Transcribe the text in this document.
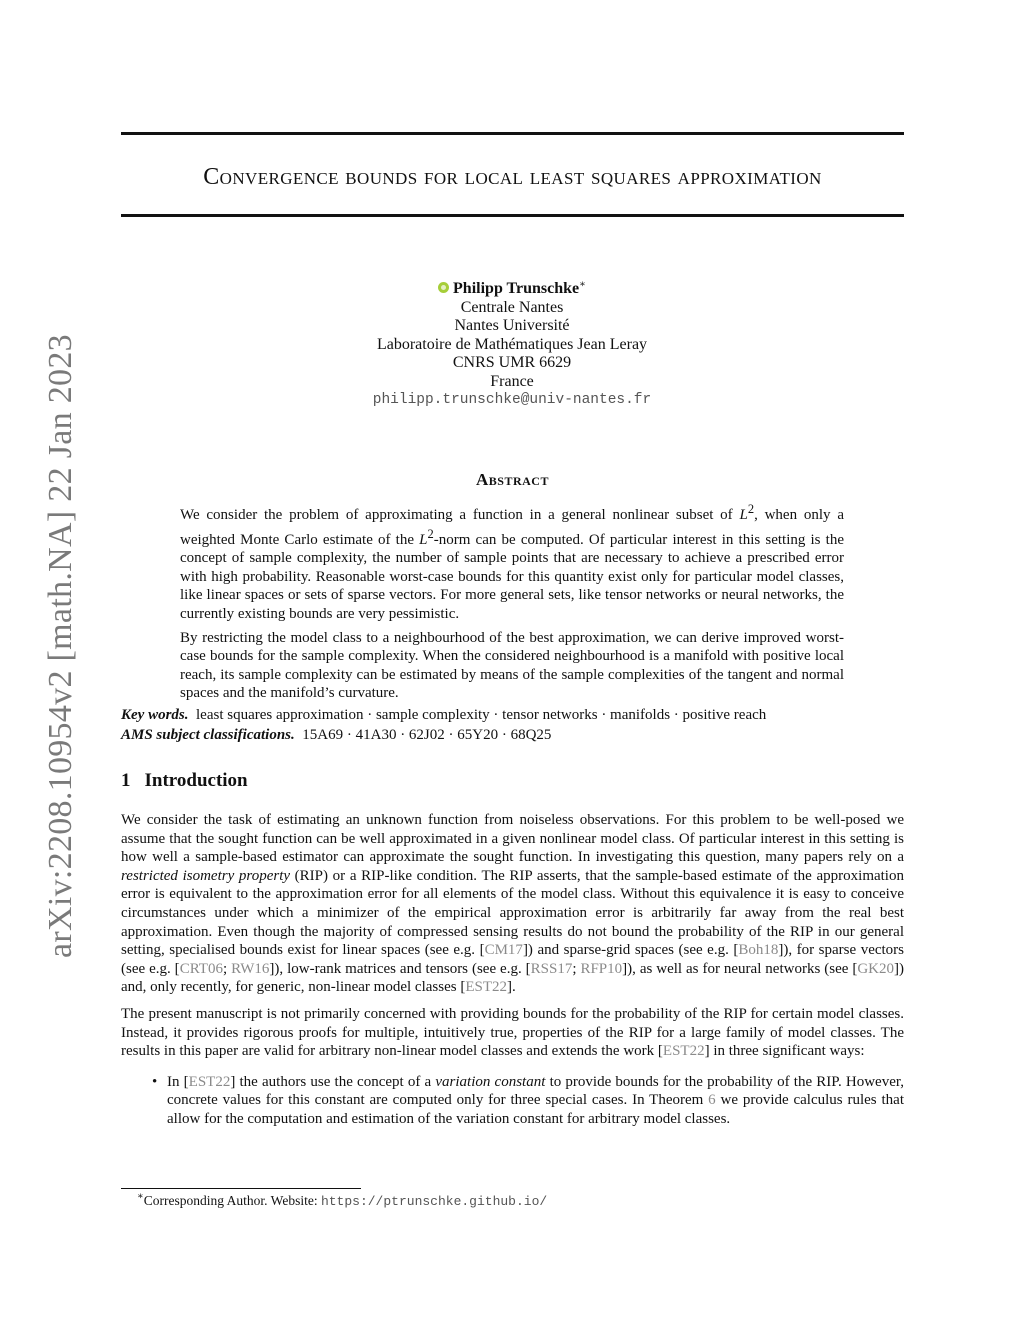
arXiv:2208.10954v2 [math.NA] 22 Jan 2023
Convergence bounds for local least squares approximation
Philipp Trunschke∗
Centrale Nantes
Nantes Université
Laboratoire de Mathématiques Jean Leray
CNRS UMR 6629
France
philipp.trunschke@univ-nantes.fr
Abstract

We consider the problem of approximating a function in a general nonlinear subset of $L^2$, when only a weighted Monte Carlo estimate of the $L^2$-norm can be computed. Of particular interest in this setting is the concept of sample complexity, the number of sample points that are necessary to achieve a prescribed error with high probability. Reasonable worst-case bounds for this quantity exist only for particular model classes, like linear spaces or sets of sparse vectors. For more general sets, like tensor networks or neural networks, the currently existing bounds are very pessimistic.

By restricting the model class to a neighbourhood of the best approximation, we can derive improved worst-case bounds for the sample complexity. When the considered neighbourhood is a manifold with positive local reach, its sample complexity can be estimated by means of the sample complexities of the tangent and normal spaces and the manifold’s curvature.

Key words. least squares approximation · sample complexity · tensor networks · manifolds · positive reach
AMS subject classifications. 15A69 · 41A30 · 62J02 · 65Y20 · 68Q25
1 Introduction

We consider the task of estimating an unknown function from noiseless observations. For this problem to be well-posed we assume that the sought function can be well approximated in a given nonlinear model class. Of particular interest in this setting is how well a sample-based estimator can approximate the sought function. In investigating this question, many papers rely on a restricted isometry property (RIP) or a RIP-like condition. The RIP asserts, that the sample-based estimate of the approximation error is equivalent to the approximation error for all elements of the model class. Without this equivalence it is easy to conceive circumstances under which a minimizer of the empirical approximation error is arbitrarily far away from the real best approximation. Even though the majority of compressed sensing results do not bound the probability of the RIP in our general setting, specialised bounds exist for linear spaces (see e.g. [CM17]) and sparse-grid spaces (see e.g. [Boh18]), for sparse vectors (see e.g. [CRT06; RW16]), low-rank matrices and tensors (see e.g. [RSS17; RFP10]), as well as for neural networks (see [GK20]) and, only recently, for generic, non-linear model classes [EST22].

The present manuscript is not primarily concerned with providing bounds for the probability of the RIP for certain model classes. Instead, it provides rigorous proofs for multiple, intuitively true, properties of the RIP for a large family of model classes. The results in this paper are valid for arbitrary non-linear model classes and extends the work [EST22] in three significant ways:

• In [EST22] the authors use the concept of a variation constant to provide bounds for the probability of the RIP. However, concrete values for this constant are computed only for three special cases. In Theorem 6 we provide calculus rules that allow for the computation and estimation of the variation constant for arbitrary model classes.
∗Corresponding Author. Website: https://ptrunschke.github.io/
